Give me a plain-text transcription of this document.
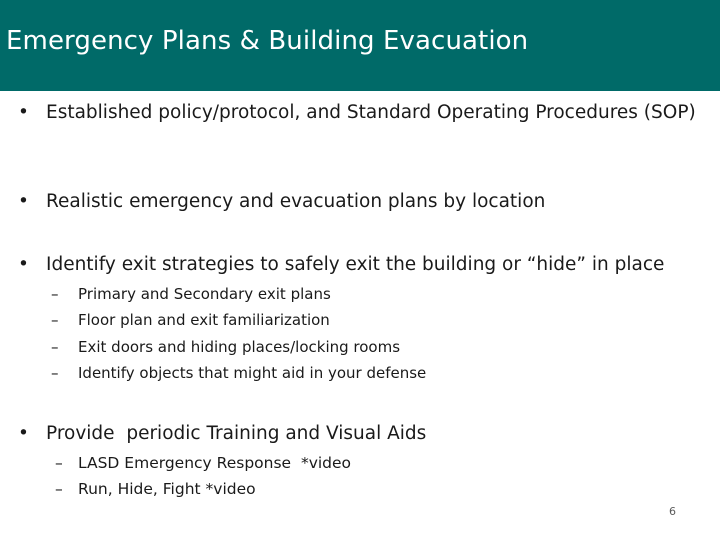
Emergency Plans & Building Evacuation
• Established policy/protocol, and Standard Operating Procedures (SOP)
• Realistic emergency and evacuation plans by location
• Identify exit strategies to safely exit the building or “hide” in place
– Primary and Secondary exit plans
– Floor plan and exit familiarization
– Exit doors and hiding places/locking rooms
– Identify objects that might aid in your defense
• Provide  periodic Training and Visual Aids
– LASD Emergency Response  *video
– Run, Hide, Fight *video
6
